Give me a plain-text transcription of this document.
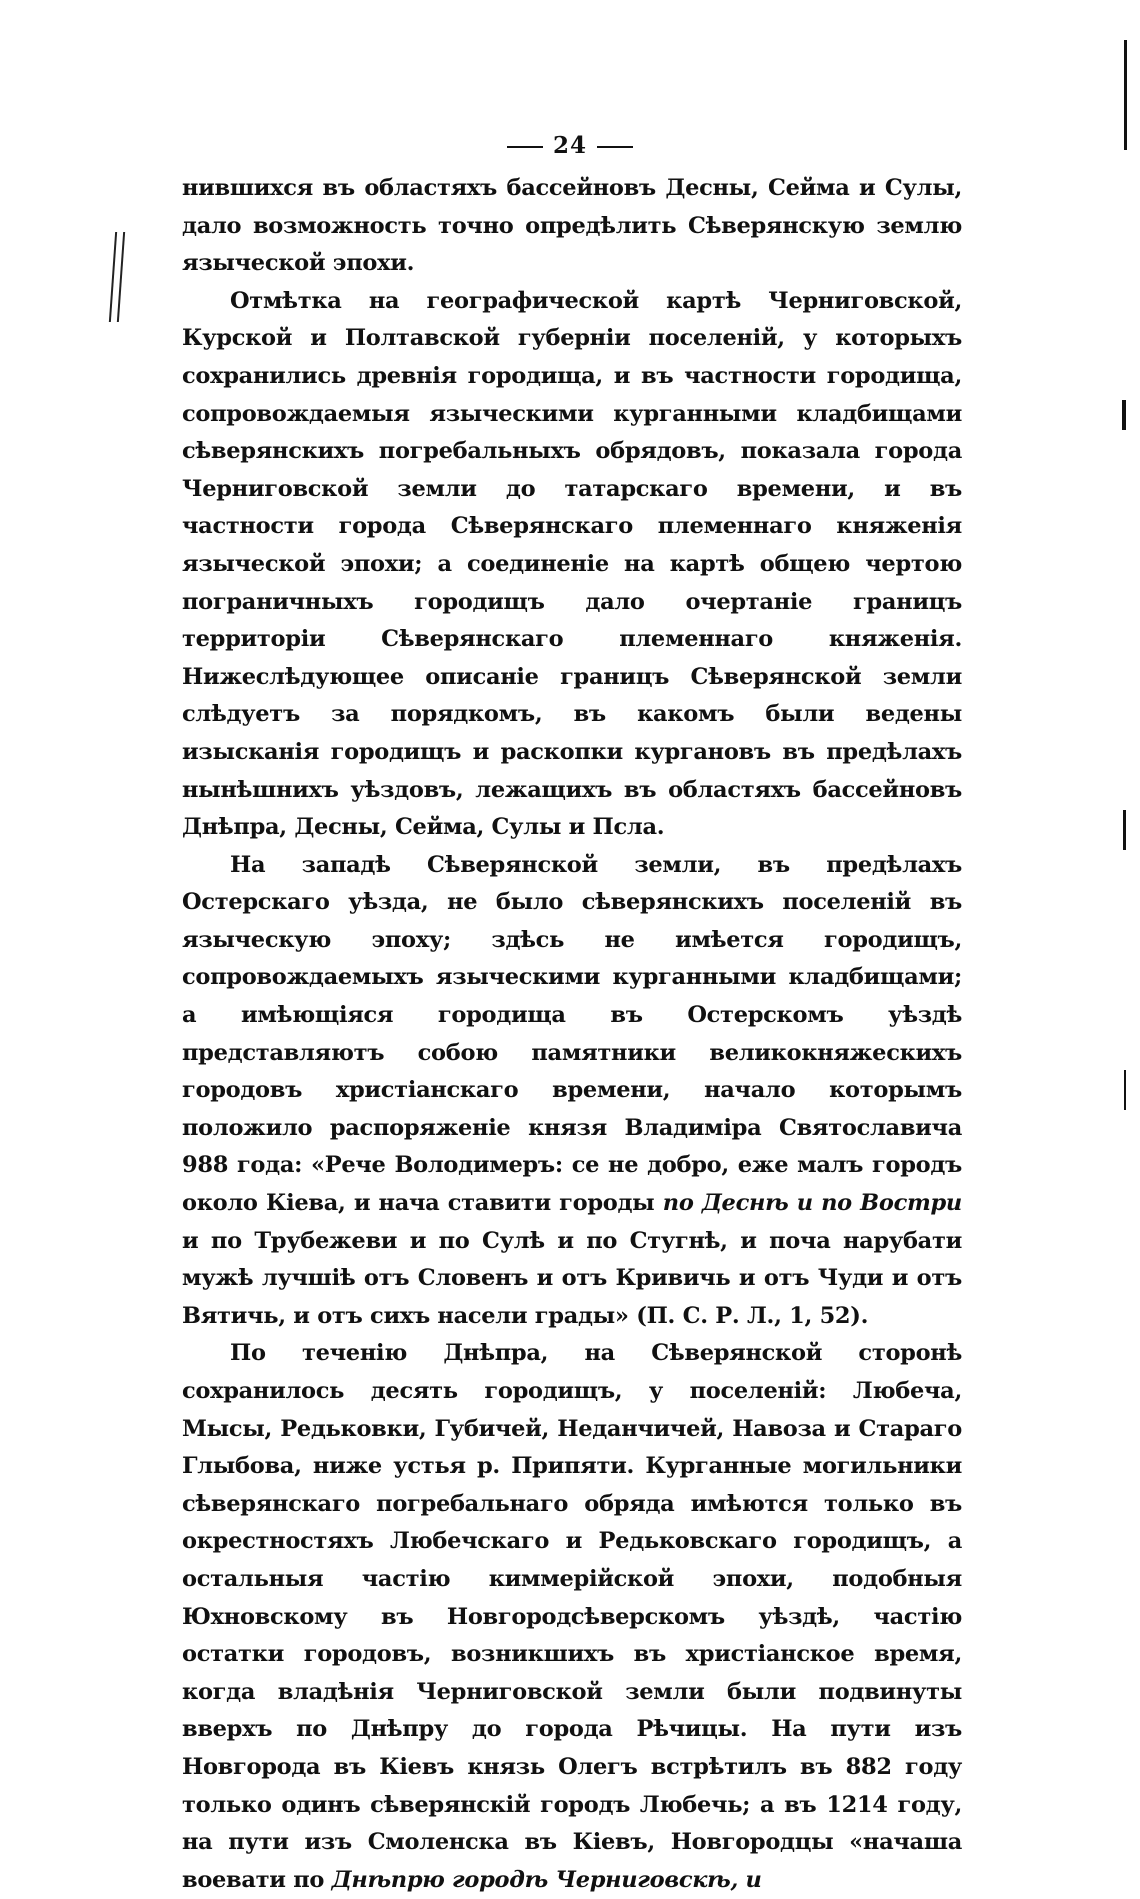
24

нившихся въ областяхъ бассейновъ Десны, Сейма и Сулы, дало возможность точно опредѣлить Сѣверянскую землю языческой эпохи.

Отмѣтка на географической картѣ Черниговской, Курской и Полтавской губерніи поселеній, у которыхъ сохранились древнія городища, и въ частности городища, сопровождаемыя языческими курганными кладбищами сѣверянскихъ погребальныхъ обрядовъ, показала города Черниговской земли до татарскаго времени, и въ частности города Сѣверянскаго племеннаго княженія языческой эпохи; а соединеніе на картѣ общею чертою пограничныхъ городищъ дало очертаніе границъ территоріи Сѣверянскаго племеннаго княженія. Нижеслѣдующее описаніе границъ Сѣверянской земли слѣдуетъ за порядкомъ, въ какомъ были ведены изысканія городищъ и раскопки кургановъ въ предѣлахъ нынѣшнихъ уѣздовъ, лежащихъ въ областяхъ бассейновъ Днѣпра, Десны, Сейма, Сулы и Псла.

На западѣ Сѣверянской земли, въ предѣлахъ Остерскаго уѣзда, не было сѣверянскихъ поселеній въ языческую эпоху; здѣсь не имѣется городищъ, сопровождаемыхъ языческими курганными кладбищами; а имѣющіяся городища въ Остерскомъ уѣздѣ представляютъ собою памятники великокняжескихъ городовъ христіанскаго времени, начало которымъ положило распоряженіе князя Владиміра Святославича 988 года: «Рече Володимеръ: се не добро, еже малъ городъ около Кіева, и нача ставити городы по Деснѣ и по Востри и по Трубежеви и по Сулѣ и по Стугнѣ, и поча нарубати мужѣ лучшіѣ отъ Словенъ и отъ Кривичь и отъ Чуди и отъ Вятичь, и отъ сихъ насели грады» (П. С. Р. Л., 1, 52).

По теченію Днѣпра, на Сѣверянской сторонѣ сохранилось десять городищъ, у поселеній: Любеча, Мысы, Редьковки, Губичей, Неданчичей, Навоза и Стараго Глыбова, ниже устья р. Припяти. Курганные могильники сѣверянскаго погребальнаго обряда имѣются только въ окрестностяхъ Любечскаго и Редьковскаго городищъ, а остальныя частію киммерійской эпохи, подобныя Юхновскому въ Новгородсѣверскомъ уѣздѣ, частію остатки городовъ, возникшихъ въ христіанское время, когда владѣнія Черниговской земли были подвинуты вверхъ по Днѣпру до города Рѣчицы. На пути изъ Новгорода въ Кіевъ князь Олегъ встрѣтилъ въ 882 году только одинъ сѣверянскій городъ Любечь; а въ 1214 году, на пути изъ Смоленска въ Кіевъ, Новгородцы «начаша воевати по Днѣпрю городѣ Черниговскѣ, и
